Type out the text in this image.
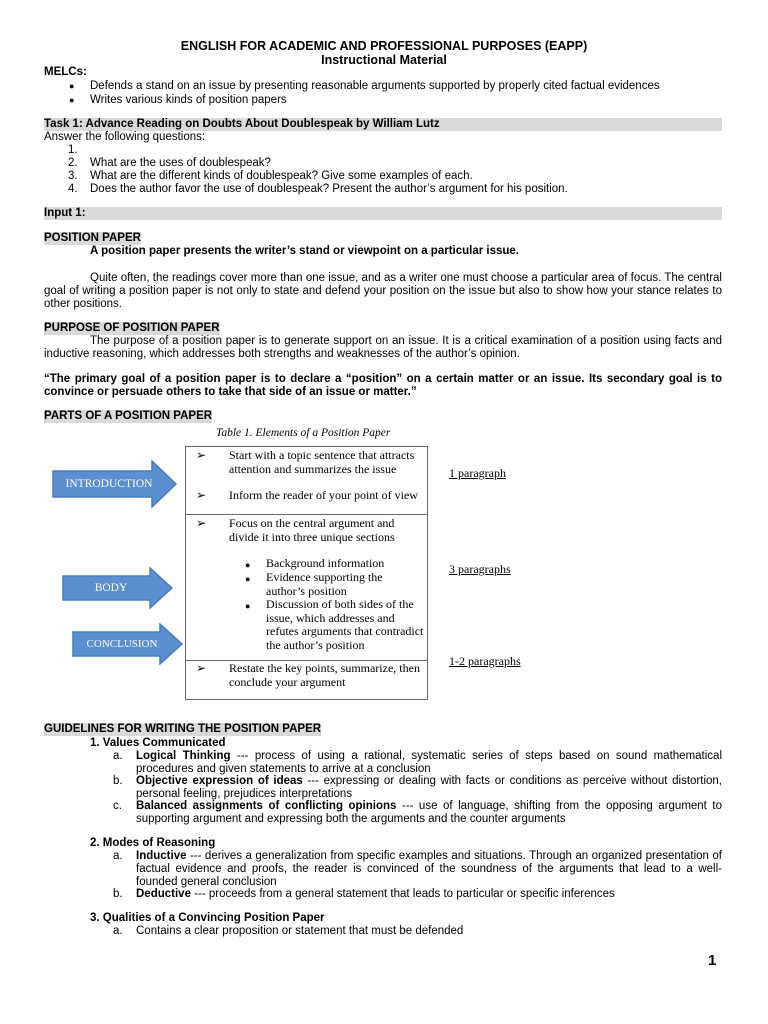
ENGLISH FOR ACADEMIC AND PROFESSIONAL PURPOSES (EAPP)
Instructional Material
MELCs:
● Defends a stand on an issue by presenting reasonable arguments supported by properly cited factual evidences
● Writes various kinds of position papers
Task 1: Advance Reading on Doubts About Doublespeak by William Lutz
Answer the following questions:
1.
2. What are the uses of doublespeak?
3. What are the different kinds of doublespeak? Give some examples of each.
4. Does the author favor the use of doublespeak? Present the author’s argument for his position.
Input 1:
POSITION PAPER
A position paper presents the writer’s stand or viewpoint on a particular issue.
Quite often, the readings cover more than one issue, and as a writer one must choose a particular area of focus. The central goal of writing a position paper is not only to state and defend your position on the issue but also to show how your stance relates to other positions.
PURPOSE OF POSITION PAPER
The purpose of a position paper is to generate support on an issue. It is a critical examination of a position using facts and inductive reasoning, which addresses both strengths and weaknesses of the author’s opinion.
“The primary goal of a position paper is to declare a “position” on a certain matter or an issue. Its secondary goal is to convince or persuade others to take that side of an issue or matter.”
PARTS OF A POSITION PAPER
Table 1. Elements of a Position Paper
INTRODUCTION
BODY
CONCLUSION
➢ Start with a topic sentence that attracts attention and summarizes the issue
➢ Inform the reader of your point of view
➢ Focus on the central argument and divide it into three unique sections
● Background information
● Evidence supporting the author’s position
● Discussion of both sides of the issue, which addresses and refutes arguments that contradict the author’s position
➢ Restate the key points, summarize, then conclude your argument
1 paragraph
3 paragraphs
1-2 paragraphs
GUIDELINES FOR WRITING THE POSITION PAPER
1. Values Communicated
a. Logical Thinking --- process of using a rational, systematic series of steps based on sound mathematical procedures and given statements to arrive at a conclusion
b. Objective expression of ideas --- expressing or dealing with facts or conditions as perceive without distortion, personal feeling, prejudices interpretations
c. Balanced assignments of conflicting opinions --- use of language, shifting from the opposing argument to supporting argument and expressing both the arguments and the counter arguments
2. Modes of Reasoning
a. Inductive --- derives a generalization from specific examples and situations. Through an organized presentation of factual evidence and proofs, the reader is convinced of the soundness of the arguments that lead to a well- founded general conclusion
b. Deductive --- proceeds from a general statement that leads to particular or specific inferences
3. Qualities of a Convincing Position Paper
a. Contains a clear proposition or statement that must be defended
1
